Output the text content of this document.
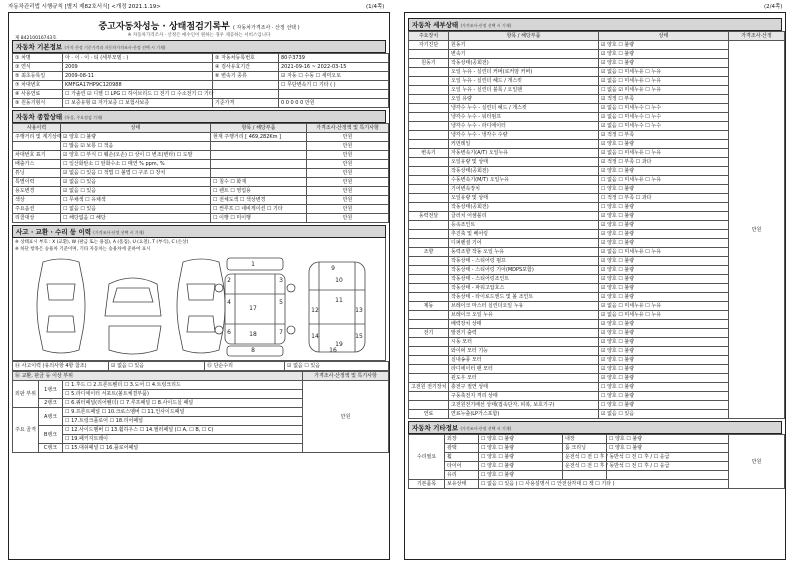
자동차관리법 시행규칙 [별지 제82호서식] <개정 2021.1.19>	(1/4쪽)	(2/4쪽)
제 84210016743호
중고자동차성능 · 상태점검기록부 ( 자동차가격조사 · 산정 선택 )
※ 자동차가격조사 · 산정은 매수인이 원하는 경우 제공하는 서비스입니다
자동차 기본정보 (가격 산정 기준가격과 자동차가격조사·산정 선택 시 기재)
① 차명	아 · 이 · 이 · 티 (세부모델 : )	② 자동차등록번호	80주3739
③ 연식	2009	④ 검사유효기간	2021-09-16 ~ 2022-03-15
⑤ 최초등록일	2009-08-11	⑥ 변속기 종류	☑ 자동 ☐ 수동 ☐ 세미오토
⑦ 차대번호	KMFGA17HP9C120988		☐ 무단변속기 ☐ 기타 ( )
⑧ 사용연료	☐ 가솔린 ☑ 디젤 ☐ LPG ☐ 하이브리드 ☐ 전기 ☐ 수소전기 ☐ 기타		
⑨ 원동기형식	☐ 보증유형 ☑ 자가보증 ☐ 보험사보증	기준가격	0 0 0 0 0 만원
자동차 종합상태 (특성, 주요점검 기재)
사용이력	상태	항목 / 해당부품	가격조사·산정액 및 특기사항
주행거리 및 계기상태	☑ 양호 ☐ 불량	현재 주행거리 [ 469,282Km ]	만원
	☐ 많음 ☑ 보통 ☐ 적음		만원
차대번호 표기	☑ 양호 ☐ 부식 ☐ 훼손(오손) ☐ 상이 ☐ 변조(변타) ☐ 도말		만원
배출가스	☐ 일산화탄소 ☐ 탄화수소 ☐ 매연 % ppm, %		만원
튜닝	☑ 없음 ☐ 있음 ☐ 적법 ☐ 불법 ☐ 구조 ☐ 장치		만원
특별이력	☑ 없음 ☐ 있음	☐ 침수 ☐ 화재	만원
용도변경	☑ 없음 ☐ 있음	☐ 렌트 ☐ 영업용	만원
색상	☐ 무채색 ☐ 유채색	☐ 전체도색 ☐ 색상변경	만원
주요옵션	☐ 없음 ☐ 있음	☐ 썬루프 ☐ 네비게이션 ☐ 기타	만원
리콜대상	☐ 해당없음 ☐ 해당	☐ 이행 ☐ 미이행	만원
사고 · 교환 · 수리 등 이력 (가격조사·산정 선택 시 기재)
※ 상태표시 부호 : X (교환), W (판금 또는 용접), A (흠집), U (요철), T (부식), C (손상)
※ 하단 항목은 승용차 기준이며, 기타 자동차는 승용차에 준하여 표시
1
2	3
4	5
6	7
8
9
10
11
12	13
14	15
16
17
18
19
⑭ 사고이력 (유의사항 4항 참조)	☑ 없음 ☐ 있음	⑮ 단순수리	☑ 없음 ☐ 있음
⑯ 교환, 판금 등 이상 부위			가격조사·산정액 및 특기사항
외판 부위	1랭크	☐ 1.후드 ☐ 2.프론트휀더 ☐ 3.도어 ☐ 4.트렁크리드	만원
		☐ 5.라디에이터 서포트(볼트체결부품)	
	2랭크	☐ 6.쿼터패널(리어휀더) ☐ 7.루프패널 ☐ 8.사이드실 패널	
주요 골격	A랭크	☐ 9.프론트패널 ☐ 10.크로스멤버 ☐ 11.인사이드패널	
		☐ 17.트렁크플로어 ☐ 18.리어패널	
	B랭크	☐ 12.사이드멤버 ☐ 13.휠하우스 ☐ 14.필러패널 (☐ A, ☐ B, ☐ C)	
		☐ 19.패키지트레이	
	C랭크	☐ 15.대쉬패널 ☐ 16.플로어패널	
자동차 세부상태 (가격조사·산정 선택 시 기재)
주요장치	항목 / 해당부품	상태	가격조사·산정
자기진단	원동기	☑ 양호 ☐ 불량	만원
	변속기	☑ 양호 ☐ 불량	
원동기	작동상태(공회전)	☑ 양호 ☐ 불량	
	오일 누유 - 실린더 커버(로커암 커버)	☑ 없음 ☐ 미세누유 ☐ 누유	
	오일 누유 - 실린더 헤드 / 개스킷	☑ 없음 ☐ 미세누유 ☐ 누유	
	오일 누유 - 실린더 블록 / 오일팬	☐ 없음 ☑ 미세누유 ☐ 누유	
	오일 유량	☑ 적정 ☐ 부족	
	냉각수 누수 - 실린더 헤드 / 개스킷	☑ 없음 ☐ 미세누수 ☐ 누수	
	냉각수 누수 - 워터펌프	☑ 없음 ☐ 미세누수 ☐ 누수	
	냉각수 누수 - 라디에이터	☑ 없음 ☐ 미세누수 ☐ 누수	
	냉각수 누수 - 냉각수 수량	☑ 적정 ☐ 부족	
	커먼레일	☑ 양호 ☐ 불량	
변속기	자동변속기(A/T) 오일누유	☑ 없음 ☐ 미세누유 ☐ 누유	
	오일유량 및 상태	☑ 적정 ☐ 부족 ☐ 과다	
	작동상태(공회전)	☑ 양호 ☐ 불량	
	수동변속기(M/T) 오일누유	☐ 없음 ☐ 미세누유 ☐ 누유	
	기어변속장치	☐ 양호 ☐ 불량	
	오일유량 및 상태	☐ 적정 ☐ 부족 ☐ 과다	
	작동상태(공회전)	☐ 양호 ☐ 불량	
동력전달	클러치 어셈블리	☑ 양호 ☐ 불량	
	등속조인트	☑ 양호 ☐ 불량	
	추진축 및 베어링	☑ 양호 ☐ 불량	
	디퍼렌셜 기어	☑ 양호 ☐ 불량	
조향	동력조향 작동 오일 누유	☑ 없음 ☐ 미세누유 ☐ 누유	
	작동상태 - 스티어링 펌프	☑ 양호 ☐ 불량	
	작동상태 - 스티어링 기어(MDPS포함)	☑ 양호 ☐ 불량	
	작동상태 - 스티어링조인트	☑ 양호 ☐ 불량	
	작동상태 - 파워고압호스	☑ 양호 ☐ 불량	
	작동상태 - 타이로드엔드 및 볼 조인트	☑ 양호 ☐ 불량	
제동	브레이크 마스터 실린더오일 누유	☑ 없음 ☐ 미세누유 ☐ 누유	
	브레이크 오일 누유	☑ 없음 ☐ 미세누유 ☐ 누유	
	배력장치 상태	☑ 양호 ☐ 불량	
전기	발전기 출력	☑ 양호 ☐ 불량	
	시동 모터	☑ 양호 ☐ 불량	
	와이퍼 모터 기능	☑ 양호 ☐ 불량	
	실내송풍 모터	☑ 양호 ☐ 불량	
	라디에이터 팬 모터	☑ 양호 ☐ 불량	
	윈도우 모터	☑ 양호 ☐ 불량	
고전원 전기장치	충전구 절연 상태	☐ 양호 ☐ 불량	
	구동축전지 격리 상태	☐ 양호 ☐ 불량	
	고전원전기배선 상태(접속단자, 피복, 보호기구)	☐ 양호 ☐ 불량	
연료	연료누출(LP가스포함)	☑ 없음 ☐ 있음	
자동차 기타정보 (가격조사·산정 선택 시 기재)
수리필요	외장	☐ 양호 ☐ 불량	내장	☐ 양호 ☐ 불량	만원
	광택	☐ 양호 ☐ 불량	룸 크리닝	☐ 양호 ☐ 불량	
	휠	☐ 양호 ☐ 불량	운전석 ☐ 전 ☐ 후 / 동반석 ☐ 전 ☐ 후 / ☐ 응급		
	타이어	☐ 양호 ☐ 불량	운전석 ☐ 전 ☐ 후 / 동반석 ☐ 전 ☐ 후 / ☐ 응급		
	유리	☐ 양호 ☐ 불량			
기본품목	보유상태	☐ 없음 ☐ 있음 ( ☐ 사용설명서 ☐ 안전삼각대 ☐ 잭 ☐ 기타 )			
